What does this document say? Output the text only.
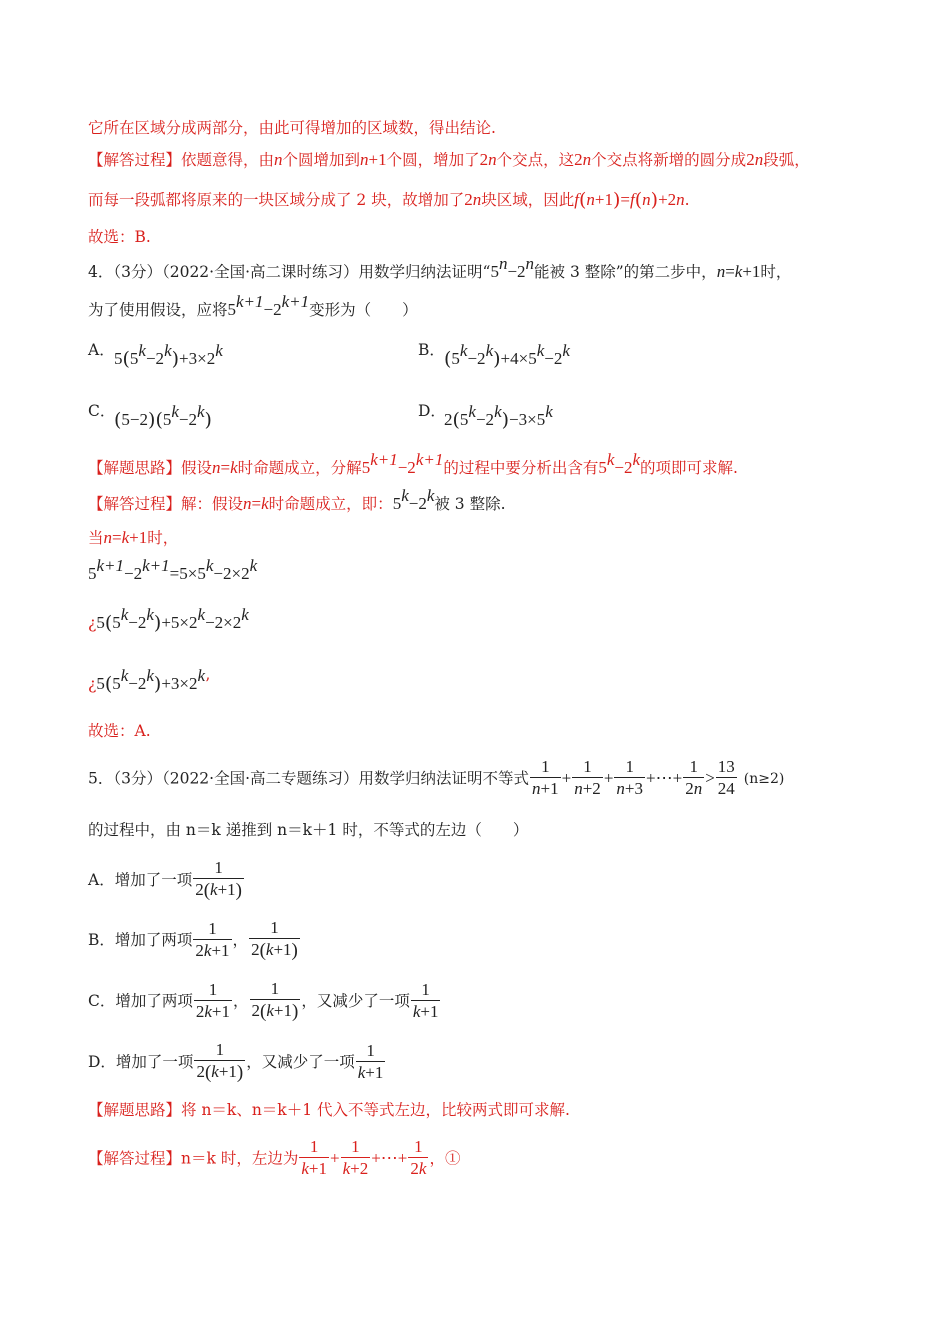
它所在区域分成两部分，由此可得增加的区域数，得出结论.
【解答过程】依题意得，由n个圆增加到n+1个圆，增加了2n个交点，这2n个交点将新增的圆分成2n段弧，
而每一段弧都将原来的一块区域分成了 2 块，故增加了2n块区域，因此f(n+1)=f(n)+2n.
故选：B.
4．（3分）（2022·全国·高二课时练习）用数学归纳法证明“$5^n-2^n$能被 3 整除”的第二步中，n=k+1时，
为了使用假设，应将$5^{k+1}-2^{k+1}$变形为（　　）
A． $5(5^k-2^k)+3\times 2^k$	B． $(5^k-2^k)+4\times 5^k-2^k$
C．
$(5-2)(5^k-2^k)$	D．
$2(5^k-2^k)-3\times 5^k$
【解题思路】假设n=k时命题成立，分解$5^{k+1}-2^{k+1}$的过程中要分析出含有$5^k-2^k$的项即可求解.
【解答过程】解：假设n=k时命题成立，即：$5^k-2^k$被 3 整除.
当n=k+1时，
$5^{k+1}-2^{k+1}=5\times 5^k-2\times 2^k$
¿$5(5^k-2^k)+5\times 2^k-2\times 2^k$
¿$5(5^k-2^k)+3\times 2^k$’
故选：A.
5．（3分）（2022·全国·高二专题练习）用数学归纳法证明不等式 $\frac{1}{n+1} + \frac{1}{n+2} + \frac{1}{n+3}$ +⋯+ $\frac{1}{2n} > \frac{13}{24} (n\ge 2)$
的过程中，由 n＝k 递推到 n＝k＋1 时，不等式的左边（　　）
A．增加了一项 $\frac{1}{2(k+1)}$
B．增加了两项 $\frac{1}{2k+1}$ ， $\frac{1}{2(k+1)}$
C．增加了两项 $\frac{1}{2k+1}$ ， $\frac{1}{2(k+1)}$ ，又减少了一项 $\frac{1}{k+1}$
D．增加了一项 $\frac{1}{2(k+1)}$ ，又减少了一项 $\frac{1}{k+1}$
【解题思路】将 n＝k、n＝k＋1 代入不等式左边，比较两式即可求解.
【解答过程】n＝k 时，左边为 $\frac{1}{k+1} + \frac{1}{k+2}$ +⋯+ $\frac{1}{2k}$ ，①
